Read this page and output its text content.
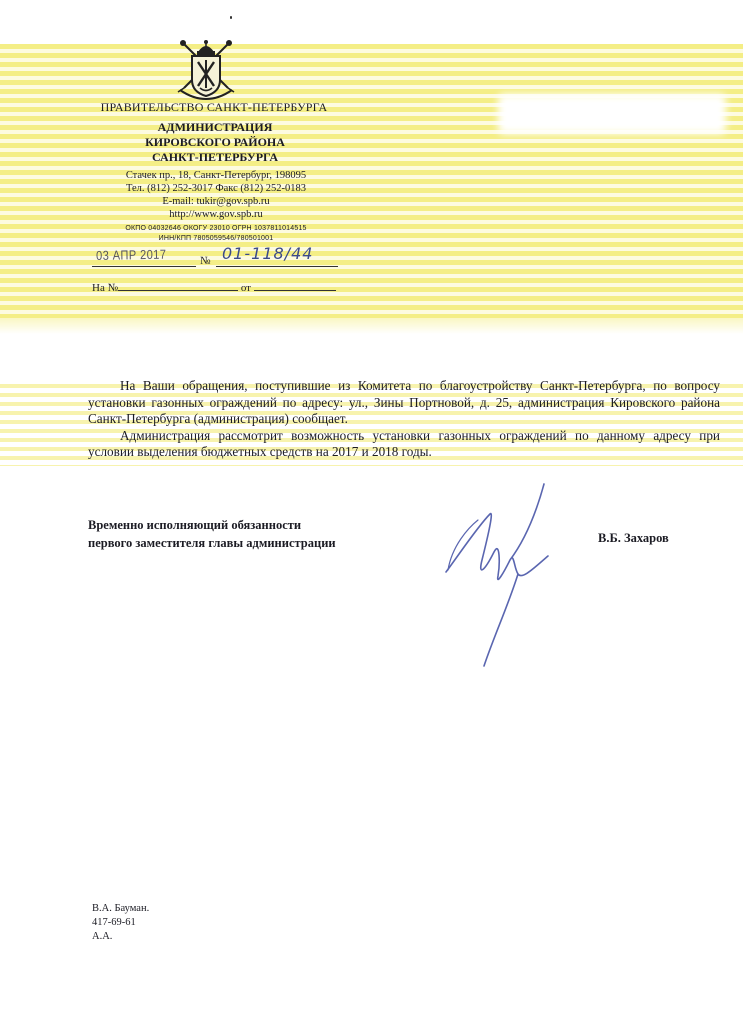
ПРАВИТЕЛЬСТВО САНКТ-ПЕТЕРБУРГА
АДМИНИСТРАЦИЯ
КИРОВСКОГО РАЙОНА
САНКТ-ПЕТЕРБУРГА
Стачек пр., 18, Санкт-Петербург, 198095
Тел. (812) 252-3017 Факс (812) 252-0183
E-mail: tukir@gov.spb.ru
http://www.gov.spb.ru
ОКПО 04032646 ОКОГУ 23010 ОГРН 1037811014515
ИНН/КПП 7805059546/780501001
03 АПР 2017	№ 01-118/44
На №	от

На Ваши обращения, поступившие из Комитета по благоустройству Санкт-Петербурга, по вопросу установки газонных ограждений по адресу: ул., Зины Портновой, д. 25, администрация Кировского района Санкт-Петербурга (администрация) сообщает.

Администрация рассмотрит возможность установки газонных ограждений по данному адресу при условии выделения бюджетных средств на 2017 и 2018 годы.

Временно исполняющий обязанности
первого заместителя главы администрации	В.Б. Захаров
В.А. Бауман.
417-69-61
А.А.
